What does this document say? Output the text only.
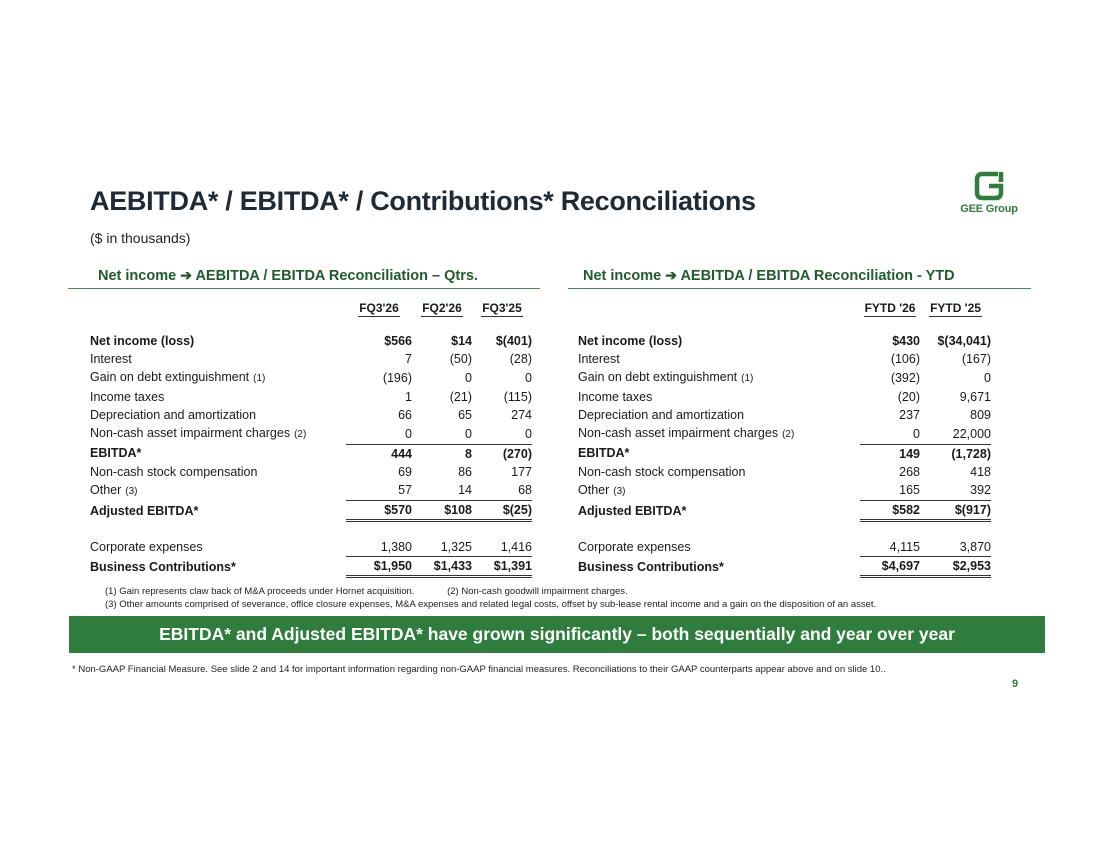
AEBITDA* / EBITDA* / Contributions* Reconciliations
($ in thousands)
GEE Group
Net income ➔ AEBITDA / EBITDA Reconciliation – Qtrs.
	FQ3'26	FQ2'26	FQ3'25

Net income (loss)	$566	$14	$(401)
Interest	7	(50)	(28)
Gain on debt extinguishment (1)	(196)	0	0
Income taxes	1	(21)	(115)
Depreciation and amortization	66	65	274
Non-cash asset impairment charges (2)	0	0	0
EBITDA*	444	8	(270)
Non-cash stock compensation	69	86	177
Other (3)	57	14	68
Adjusted EBITDA*	$570	$108	$(25)

Corporate expenses	1,380	1,325	1,416
Business Contributions*	$1,950	$1,433	$1,391
Net income ➔ AEBITDA / EBITDA Reconciliation - YTD
	FYTD '26	FYTD '25

Net income (loss)	$430	$(34,041)
Interest	(106)	(167)
Gain on debt extinguishment (1)	(392)	0
Income taxes	(20)	9,671
Depreciation and amortization	237	809
Non-cash asset impairment charges (2)	0	22,000
EBITDA*	149	(1,728)
Non-cash stock compensation	268	418
Other (3)	165	392
Adjusted EBITDA*	$582	$(917)

Corporate expenses	4,115	3,870
Business Contributions*	$4,697	$2,953
(1) Gain represents claw back of M&A proceeds under Hornet acquisition.	(2) Non-cash goodwill impairment charges.
(3) Other amounts comprised of severance, office closure expenses, M&A expenses and related legal costs, offset by sub-lease rental income and a gain on the disposition of an asset.
EBITDA* and Adjusted EBITDA* have grown significantly – both sequentially and year over year
* Non-GAAP Financial Measure. See slide 2 and 14 for important information regarding non-GAAP financial measures. Reconciliations to their GAAP counterparts appear above and on slide 10..
9
